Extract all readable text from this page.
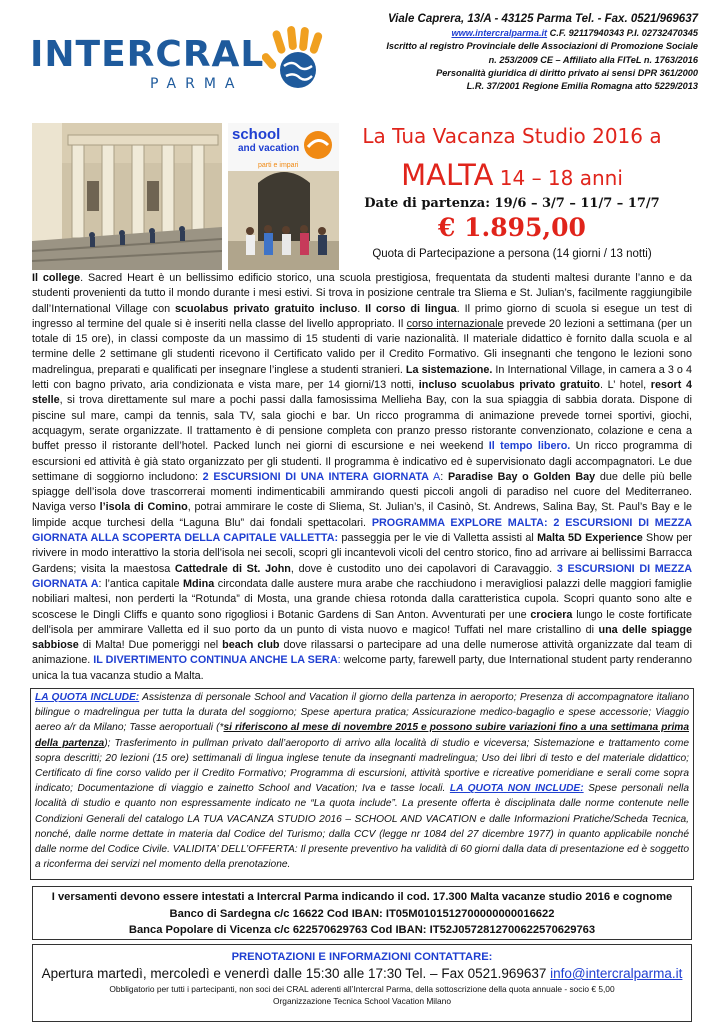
INTERCRAL
PARMA
Viale Caprera, 13/A - 43125 Parma Tel. - Fax. 0521/969637
www.intercralparma.it C.F. 92117940343 P.I. 02732470345
Iscritto al registro Provinciale delle Associazioni di Promozione Sociale
n. 253/2009 CE – Affiliato alla FITeL n. 1763/2016
Personalità giuridica di diritto privato ai sensi DPR 361/2000
L.R. 37/2001 Regione Emilia Romagna atto 5229/2013
school
and vacation
parti e impari
La Tua Vacanza Studio 2016 a
MALTA 14 – 18 anni
Date di partenza: 19/6 – 3/7 – 11/7 – 17/7
€ 1.895,00
Quota di Partecipazione a persona (14 giorni / 13 notti)
Il college. Sacred Heart è un bellissimo edificio storico, una scuola prestigiosa, frequentata da studenti maltesi durante l’anno e da studenti provenienti da tutto il mondo durante i mesi estivi. Si trova in posizione centrale tra Sliema e St. Julian’s, facilmente raggiungibile dall’International Village con scuolabus privato gratuito incluso. Il corso di lingua. Il primo giorno di scuola si esegue un test di ingresso al termine del quale si è inseriti nella classe del livello appropriato. Il corso internazionale prevede 20 lezioni a settimana (per un totale di 15 ore), in classi composte da un massimo di 15 studenti di varie nazionalità. Il materiale didattico è fornito dalla scuola e al termine delle 2 settimane gli studenti ricevono il Certificato valido per il Credito Formativo. Gli insegnanti che tengono le lezioni sono madrelingua, preparati e qualificati per insegnare l’inglese a studenti stranieri. La sistemazione. In International Village, in camera a 3 o 4 letti con bagno privato, aria condizionata e vista mare, per 14 giorni/13 notti, incluso scuolabus privato gratuito. L’ hotel, resort 4 stelle, si trova direttamente sul mare a pochi passi dalla famosissima Mellieha Bay, con la sua spiaggia di sabbia dorata. Dispone di piscine sul mare, campi da tennis, sala TV, sala giochi e bar. Un ricco programma di animazione prevede tornei sportivi, giochi, acquagym, serate organizzate. Il trattamento è di pensione completa con pranzo presso ristorante convenzionato, colazione e cena a buffet presso il ristorante dell’hotel. Packed lunch nei giorni di escursione e nei weekend Il tempo libero. Un ricco programma di escursioni ed attività è già stato organizzato per gli studenti. Il programma è indicativo ed è supervisionato dagli accompagnatori. Le due settimane di soggiorno includono: 2 ESCURSIONI DI UNA INTERA GIORNATA A: Paradise Bay o Golden Bay due delle più belle spiagge dell’isola dove trascorrerai momenti indimenticabili ammirando questi piccoli angoli di paradiso nel cuore del Mediterraneo. Naviga verso l’isola di Comino, potrai ammirare le coste di Sliema, St. Julian’s, il Casinò, St. Andrews, Salina Bay, St. Paul’s Bay e le limpide acque turchesi della “Laguna Blu” dai fondali spettacolari. PROGRAMMA EXPLORE MALTA: 2 ESCURSIONI DI MEZZA GIORNATA ALLA SCOPERTA DELLA CAPITALE VALLETTA: passeggia per le vie di Valletta assisti al Malta 5D Experience Show per rivivere in modo interattivo la storia dell’isola nei secoli, scopri gli incantevoli vicoli del centro storico, fino ad arrivare ai bellissimi Barracca Gardens; visita la maestosa Cattedrale di St. John, dove è custodito uno dei capolavori di Caravaggio. 3 ESCURSIONI DI MEZZA GIORNATA A: l’antica capitale Mdina circondata dalle austere mura arabe che racchiudono i meravigliosi palazzi delle maggiori famiglie nobiliari maltesi, non perderti la “Rotunda” di Mosta, una grande chiesa rotonda dalla caratteristica cupola. Scopri quanto sono alte e scoscese le Dingli Cliffs e quanto sono rigogliosi i Botanic Gardens di San Anton. Avventurati per une crociera lungo le coste fortificate dell'isola per ammirare Valletta ed il suo porto da un punto di vista nuovo e magico! Tuffati nel mare cristallino di una delle spiagge sabbiose di Malta! Due pomeriggi nel beach club dove rilassarsi o partecipare ad una delle numerose attività organizzate dal team di animazione. IL DIVERTIMENTO CONTINUA ANCHE LA SERA: welcome party, farewell party, due International student party renderanno unica la tua vacanza studio a Malta.
LA QUOTA INCLUDE: Assistenza di personale School and Vacation il giorno della partenza in aeroporto; Presenza di accompagnatore italiano bilingue o madrelingua per tutta la durata del soggiorno; Spese apertura pratica; Assicurazione medico-bagaglio e spese accessorie; Viaggio aereo a/r da Milano; Tasse aeroportuali (*si riferiscono al mese di novembre 2015 e possono subire variazioni fino a una settimana prima della partenza); Trasferimento in pullman privato dall’aeroporto di arrivo alla località di studio e viceversa; Sistemazione e trattamento come sopra descritti; 20 lezioni (15 ore) settimanali di lingua inglese tenute da insegnanti madrelingua; Uso dei libri di testo e del materiale didattico; Certificato di fine corso valido per il Credito Formativo; Programma di escursioni, attività sportive e ricreative pomeridiane e serali come sopra indicato; Documentazione di viaggio e zainetto School and Vacation; Iva e tasse locali. LA QUOTA NON INCLUDE: Spese personali nella località di studio e quanto non espressamente indicato ne “La quota include”. La presente offerta è disciplinata dalle norme contenute nelle Condizioni Generali del catalogo LA TUA VACANZA STUDIO 2016 – SCHOOL AND VACATION e dalle Informazioni Pratiche/Scheda Tecnica, nonché, dalle norme dettate in materia dal Codice del Turismo; dalla CCV (legge nr 1084 del 27 dicembre 1977) in quanto applicabile nonché dalle norme del Codice Civile. VALIDITA’ DELL’OFFERTA: Il presente preventivo ha validità di 60 giorni dalla data di presentazione ed è soggetto a riconferma dei servizi nel momento della prenotazione.
I versamenti devono essere intestati a Intercral Parma indicando il cod. 17.300 Malta vacanze studio 2016 e cognome
Banco di Sardegna c/c 16622 Cod IBAN: IT05M0101512700000000016622
Banca Popolare di Vicenza c/c 622570629763 Cod IBAN: IT52J0572812700622570629763
PRENOTAZIONI E INFORMAZIONI CONTATTARE:
Apertura martedì, mercoledì e venerdì dalle 15:30 alle 17:30 Tel. – Fax 0521.969637 info@intercralparma.it
Obbligatorio per tutti i partecipanti, non soci dei CRAL aderenti all’Intercral Parma, della sottoscrizione della quota annuale - socio € 5,00
Organizzazione Tecnica School Vacation Milano
